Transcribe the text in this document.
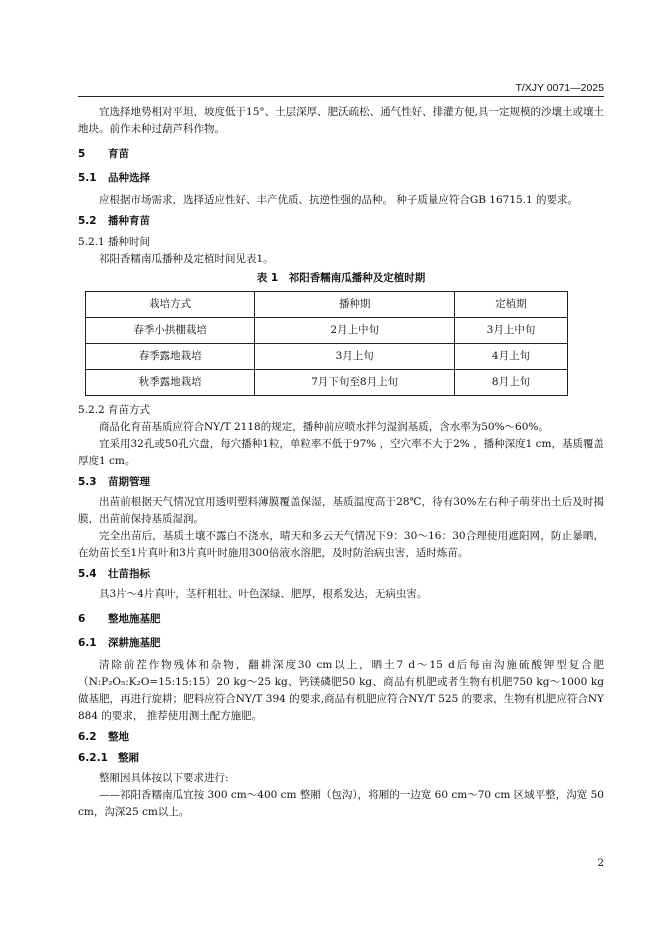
T/XJY 0071—2025

宜选择地势相对平坦，坡度低于15°、土层深厚、肥沃疏松、通气性好、排灌方便,具一定规模的沙壤土或壤土地块。前作未种过葫芦科作物。

5 育苗
5.1 品种选择

应根据市场需求，选择适应性好、丰产优质、抗逆性强的品种。 种子质量应符合GB 16715.1 的要求。

5.2 播种育苗

5.2.1 播种时间

祁阳香糯南瓜播种及定植时间见表1。

表 1　祁阳香糯南瓜播种及定植时期
栽培方式	播种期	定植期
春季小拱棚栽培	2月上中旬	3月上中旬
春季露地栽培	3月上旬	4月上旬
秋季露地栽培	7月下旬至8月上旬	8月上旬

5.2.2 育苗方式

商品化育苗基质应符合NY/T 2118的规定，播种前应喷水拌匀湿润基质，含水率为50%～60%。

宜采用32孔或50孔穴盘，每穴播种1粒，单粒率不低于97% ，空穴率不大于2% ，播种深度1 cm，基质覆盖厚度1 cm。

5.3 苗期管理

出苗前根据天气情况宜用透明塑料薄膜覆盖保湿，基质温度高于28℃，待有30%左右种子萌芽出土后及时揭膜，出苗前保持基质湿润。

完全出苗后，基质土壤不露白不浇水，晴天和多云天气情况下9：30～16：30合理使用遮阳网，防止暴晒，在幼苗长至1片真叶和3片真叶时施用300倍液水溶肥，及时防治病虫害，适时炼苗。

5.4 壮苗指标

具3片～4片真叶，茎杆粗壮、叶色深绿、肥厚，根系发达，无病虫害。

6 整地施基肥
6.1 深耕施基肥

清除前茬作物残体和杂物，翻耕深度30 cm以上，晒土7 d～15 d后每亩沟施硫酸钾型复合肥（N:P₂O₅:K₂O=15:15:15）20 kg～25 kg、钙镁磷肥50 kg、商品有机肥或者生物有机肥750 kg～1000 kg做基肥，再进行旋耕；肥料应符合NY/T 394 的要求,商品有机肥应符合NY/T 525 的要求，生物有机肥应符合NY 884 的要求， 推荐使用测土配方施肥。

6.2 整地
6.2.1 整厢

整厢因具体按以下要求进行:

——祁阳香糯南瓜宜按 300 cm～400 cm 整厢（包沟），将厢的一边宽 60 cm～70 cm 区域平整，沟宽 50 cm，沟深25 cm以上。

2
